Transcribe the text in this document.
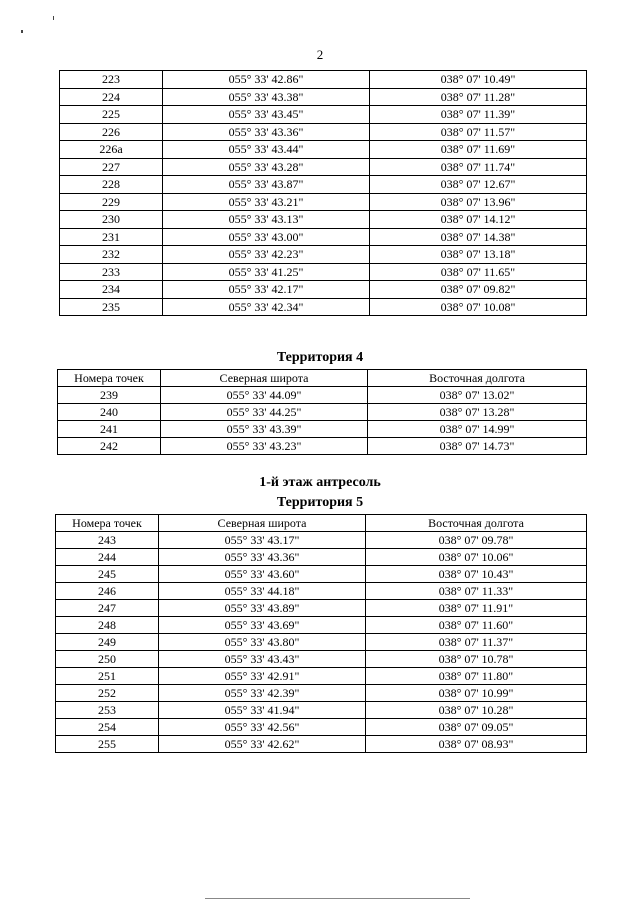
2
223	055° 33' 42.86"	038° 07' 10.49"
224	055° 33' 43.38"	038° 07' 11.28"
225	055° 33' 43.45"	038° 07' 11.39"
226	055° 33' 43.36"	038° 07' 11.57"
226а	055° 33' 43.44"	038° 07' 11.69"
227	055° 33' 43.28"	038° 07' 11.74"
228	055° 33' 43.87"	038° 07' 12.67"
229	055° 33' 43.21"	038° 07' 13.96"
230	055° 33' 43.13"	038° 07' 14.12"
231	055° 33' 43.00"	038° 07' 14.38"
232	055° 33' 42.23"	038° 07' 13.18"
233	055° 33' 41.25"	038° 07' 11.65"
234	055° 33' 42.17"	038° 07' 09.82"
235	055° 33' 42.34"	038° 07' 10.08"
Территория 4
Номера точек	Северная широта	Восточная долгота
239	055° 33' 44.09"	038° 07' 13.02"
240	055° 33' 44.25"	038° 07' 13.28"
241	055° 33' 43.39"	038° 07' 14.99"
242	055° 33' 43.23"	038° 07' 14.73"
1-й этаж антресоль
Территория 5
Номера точек	Северная широта	Восточная долгота
243	055° 33' 43.17"	038° 07' 09.78"
244	055° 33' 43.36"	038° 07' 10.06"
245	055° 33' 43.60"	038° 07' 10.43"
246	055° 33' 44.18"	038° 07' 11.33"
247	055° 33' 43.89"	038° 07' 11.91"
248	055° 33' 43.69"	038° 07' 11.60"
249	055° 33' 43.80"	038° 07' 11.37"
250	055° 33' 43.43"	038° 07' 10.78"
251	055° 33' 42.91"	038° 07' 11.80"
252	055° 33' 42.39"	038° 07' 10.99"
253	055° 33' 41.94"	038° 07' 10.28"
254	055° 33' 42.56"	038° 07' 09.05"
255	055° 33' 42.62"	038° 07' 08.93"
